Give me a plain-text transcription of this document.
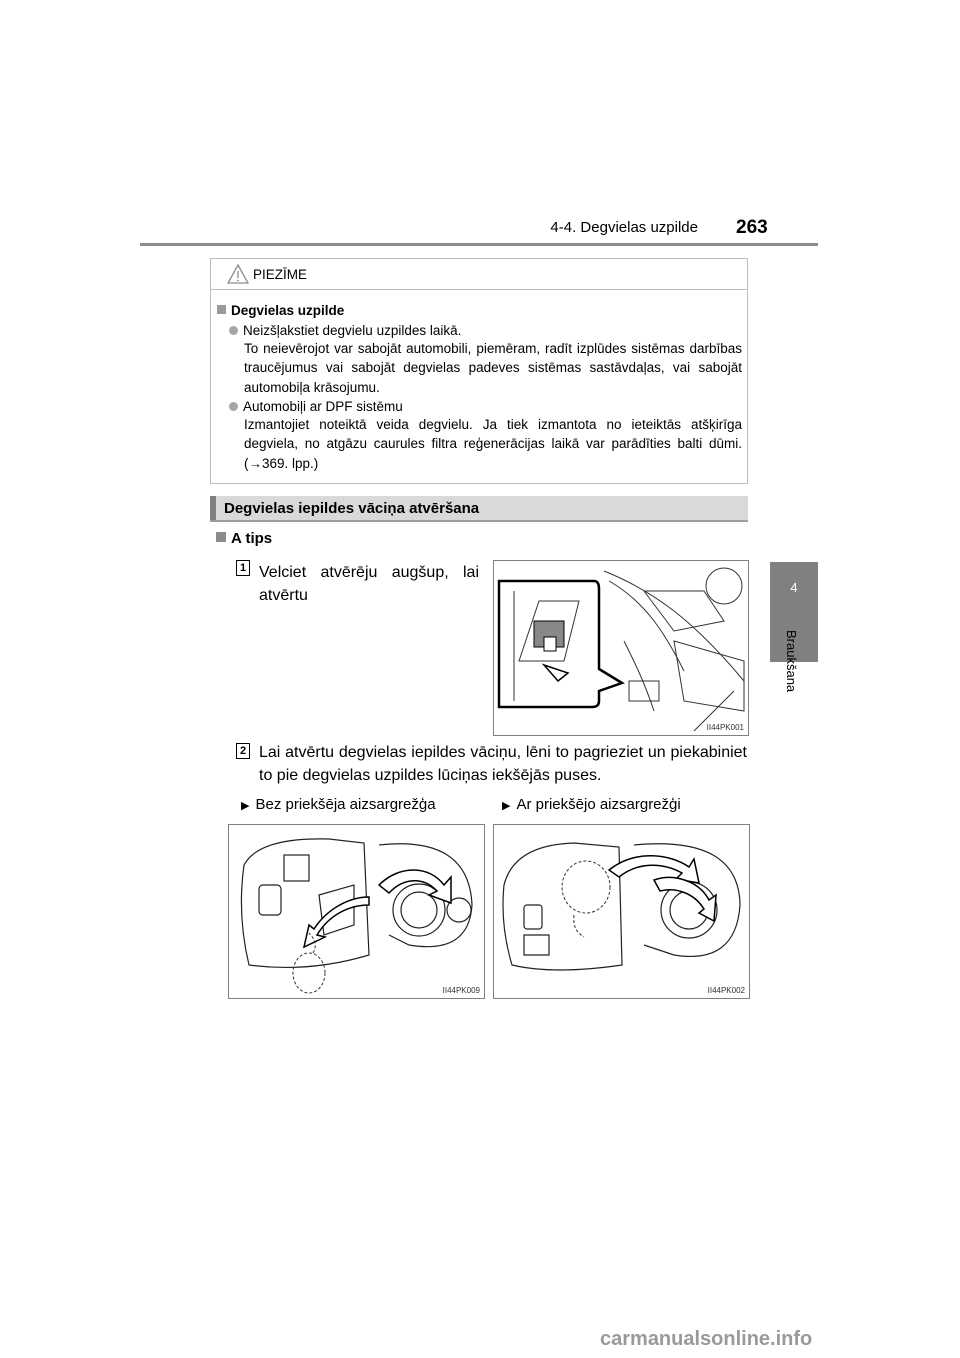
4-4. Degvielas uzpilde 263
4
Braukšana
PIEZĪME
Degvielas uzpilde
Neizšļakstiet degvielu uzpildes laikā.
To neievērojot var sabojāt automobili, piemēram, radīt izplūdes sistēmas darbības traucējumus vai sabojāt degvielas padeves sistēmas sastāvdaļas, vai sabojāt automobiļa krāsojumu.
Automobiļi ar DPF sistēmu
Izmantojiet noteiktā veida degvielu. Ja tiek izmantota no ieteiktās atšķirīga degviela, no atgāzu caurules filtra reģenerācijas laikā var parādīties balti dūmi. (→369. lpp.)
Degvielas iepildes vāciņa atvēršana
A tips
1 Velciet atvērēju augšup, lai atvērtu
II44PK001
2 Lai atvērtu degvielas iepildes vāciņu, lēni to pagrieziet un piekabiniet to pie degvielas uzpildes lūciņas iekšējās puses.
▶ Bez priekšēja aizsargrežģa	▶ Ar priekšējo aizsargrežģi
II44PK009	II44PK002
carmanualsonline.info
